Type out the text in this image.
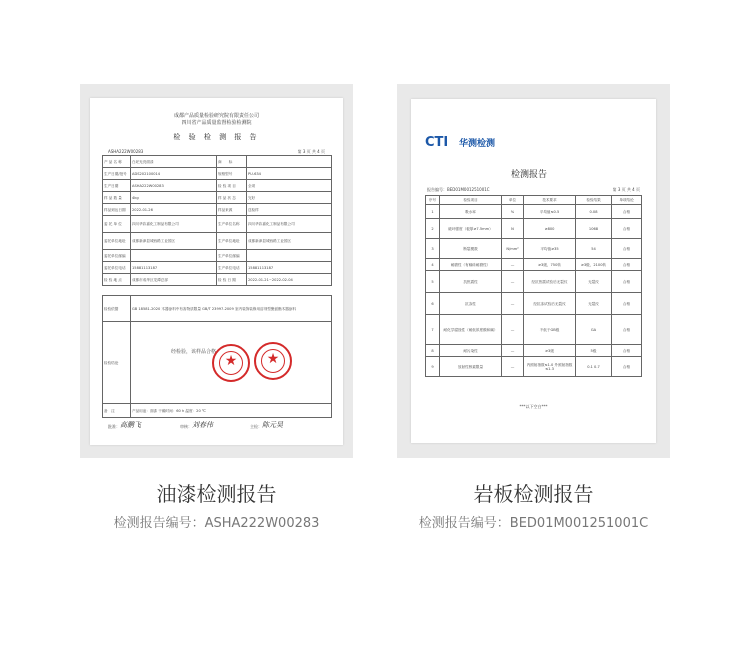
成都产品质量检验研究院有限责任公司
四川省产品质量监督检验检测院
检 验 检 测 报 告
ASHA222W00283	第 3 页 共 4 页
产 品 名 称	白坯光亮面漆	商　　标	
生产日期/批号	ADS202100014	规格型号	PU-634
生产日期	ASHA222W00283	检 验 项 目	全项
样 品 数 量	4kg	样 品 状 态	完好
样品到达日期	2022-01-26	样品来源	送检样
委 托 单 位	四川华彩嘉化工制品有限公司	生产单位名称	四川华彩嘉化工制品有限公司
委托单位地址	成都新津县城西路工业园区	生产单位地址	成都新津县城西路工业园区
委托单位邮编		生产单位邮编	
委托单位电话	15881113187	生产单位电话	15881113187
检 验 地 点	成都市成华区龙潭总部	检 验 日 期	2022-01-21~2022-02-04
检验依据	GB 18581-2020 木器涂料中有害物质限量 GB/T 23997-2009 室内装饰装修用溶剂型聚氨酯木器涂料
检验结论	经检验，该样品合格

备　注	产品用途：面漆 干燥时间：60 h 温度：20 ℃
★	★
批准： 高鹏飞	审核： 刘春伟	主检： 陈元昊
CTI 华测检测
检测报告
报告编号：BED01M001251001C	第 3 页 共 4 页
序号	检验项目	单位	技术要求	检验结果	单项结论
1	吸水率	%	平均值≤0.5	0.08	合格
2	破坏强度（板厚≥7.5mm）	N	≥800	1068	合格
3	断裂模数	N/mm²	平均值≥35	54	合格
4	耐磨性（有釉砖耐磨性）	—	≥3级，750转	≥3级，2100转	合格
5	抗热震性	—	经抗热震试验后无裂纹	无裂纹	合格
6	抗冻性	—	经抗冻试验后无裂纹	无裂纹	合格
7	耐化学腐蚀性（耐低浓度酸和碱）	—	不低于GB级	GA	合格
8	耐污染性	—	≥3级	5级	合格
9	放射性核素限量	—	内照射指数≤1.0 外照射指数≤1.3	0.1 0.7	合格
***以下空白***
油漆检测报告
检测报告编号：ASHA222W00283
岩板检测报告
检测报告编号：BED01M001251001C
